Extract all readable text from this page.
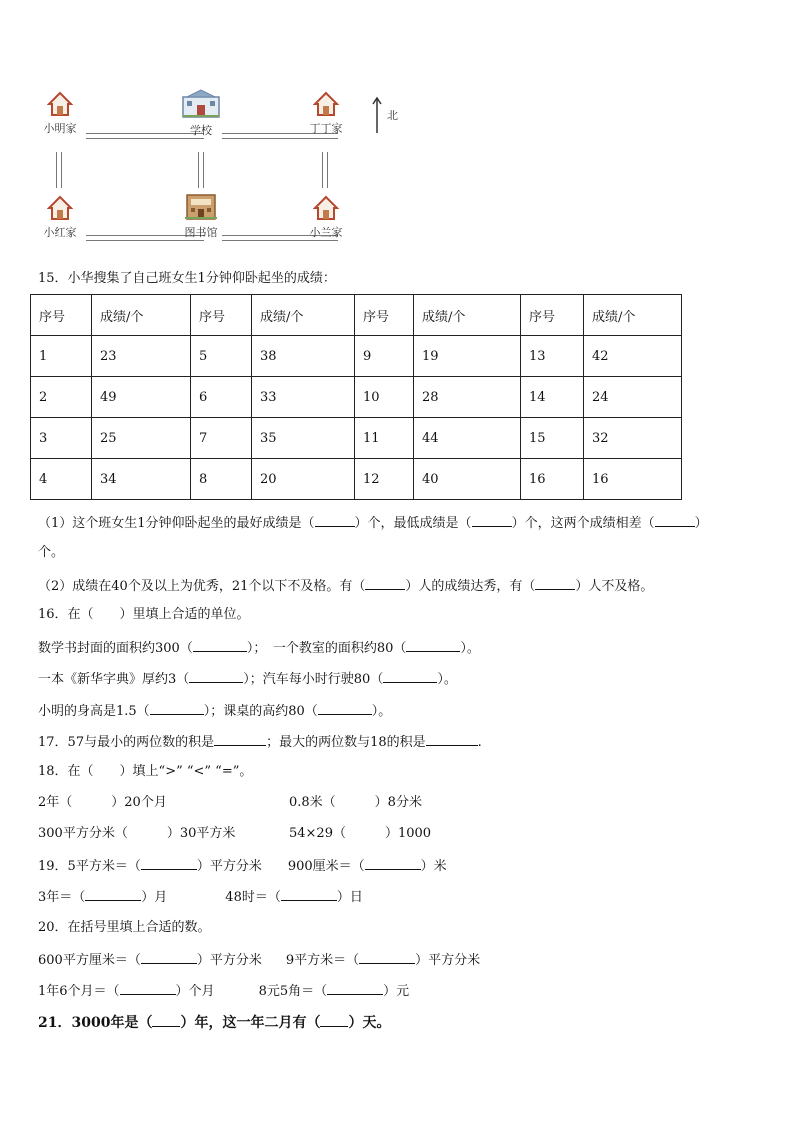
小明家	学校	丁丁家
小红家	图书馆	小兰家
北
15．小华搜集了自己班女生1分钟仰卧起坐的成绩：
序号	成绩/个	序号	成绩/个	序号	成绩/个	序号	成绩/个
1	23	5	38	9	19	13	42
2	49	6	33	10	28	14	24
3	25	7	35	11	44	15	32
4	34	8	20	12	40	16	16
（1）这个班女生1分钟仰卧起坐的最好成绩是（	）个，最低成绩是（	）个，这两个成绩相差（	）
个。
（2）成绩在40个及以上为优秀，21个以下不及格。有（	）人的成绩达秀，有（	）人不及格。
16．在（　　）里填上合适的单位。
数学书封面的面积约300（	）；　一个教室的面积约80（	）。
一本《新华字典》厚约3（	）；汽车每小时行驶80（	）。
小明的身高是1.5（	）；课桌的高约80（	）。
17．57与最小的两位数的积是	；最大的两位数与18的积是	.
18．在（　　）填上“>” “<” “=”。
2年（　　　）20个月	0.8米（　　　）8分米
300平方分米（　　　）30平方米	54×29（　　　）1000
19．5平方米＝（	）平方分米 900厘米＝（	）米
3年＝（	）月	48时＝（	）日
20．在括号里填上合适的数。
600平方厘米＝（	）平方分米 9平方米＝（	）平方分米
1年6个月＝（	）个月	8元5角＝（	）元
21．3000年是（ ）年，这一年二月有（ ）天。
